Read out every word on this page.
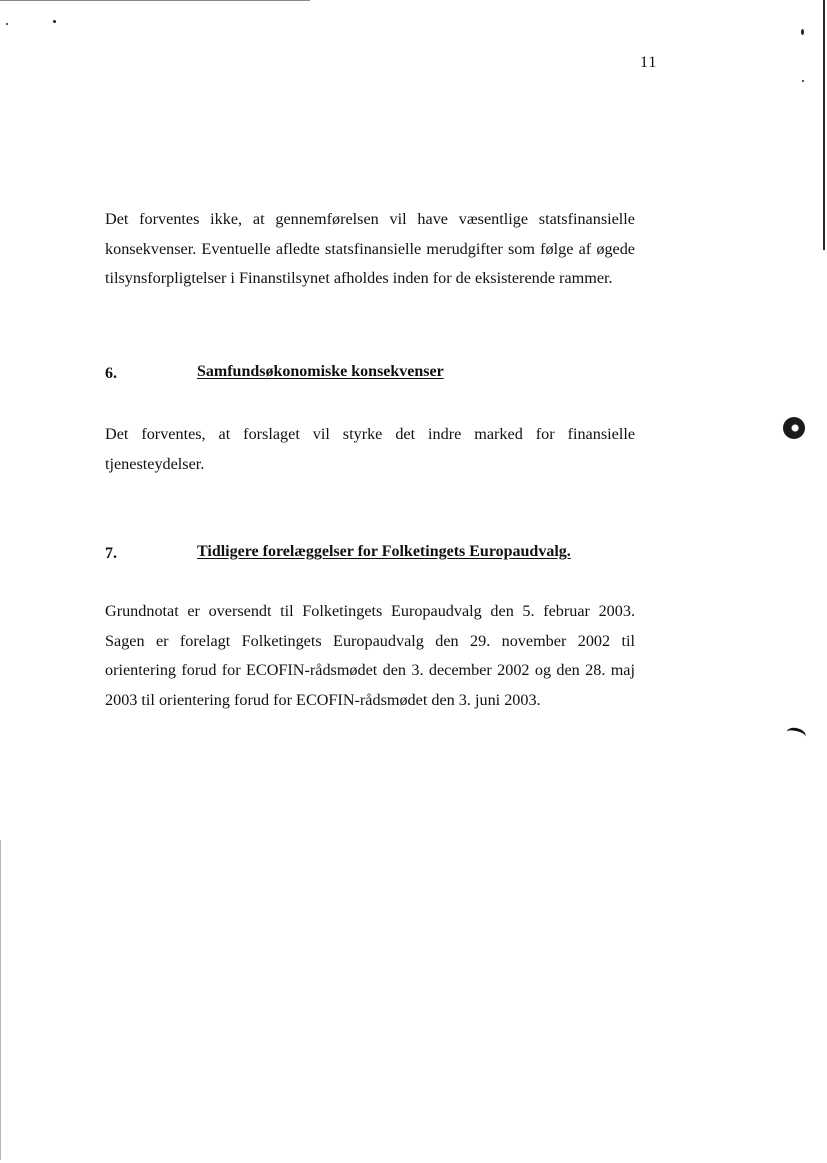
11

Det forventes ikke, at gennemførelsen vil have væsentlige statsfinansielle konsekvenser. Eventuelle afledte statsfinansielle merudgifter som følge af øgede tilsynsforpligtelser i Finanstilsynet afholdes inden for de eksisterende rammer.

6.	Samfundsøkonomiske konsekvenser

Det forventes, at forslaget vil styrke det indre marked for finansielle tjenesteydelser.

7.	Tidligere forelæggelser for Folketingets Europaudvalg.

Grundnotat er oversendt til Folketingets Europaudvalg den 5. februar 2003. Sagen er forelagt Folketingets Europaudvalg den 29. november 2002 til orientering forud for ECOFIN-rådsmødet den 3. december 2002 og den 28. maj 2003 til orientering forud for ECOFIN-rådsmødet den 3. juni 2003.
